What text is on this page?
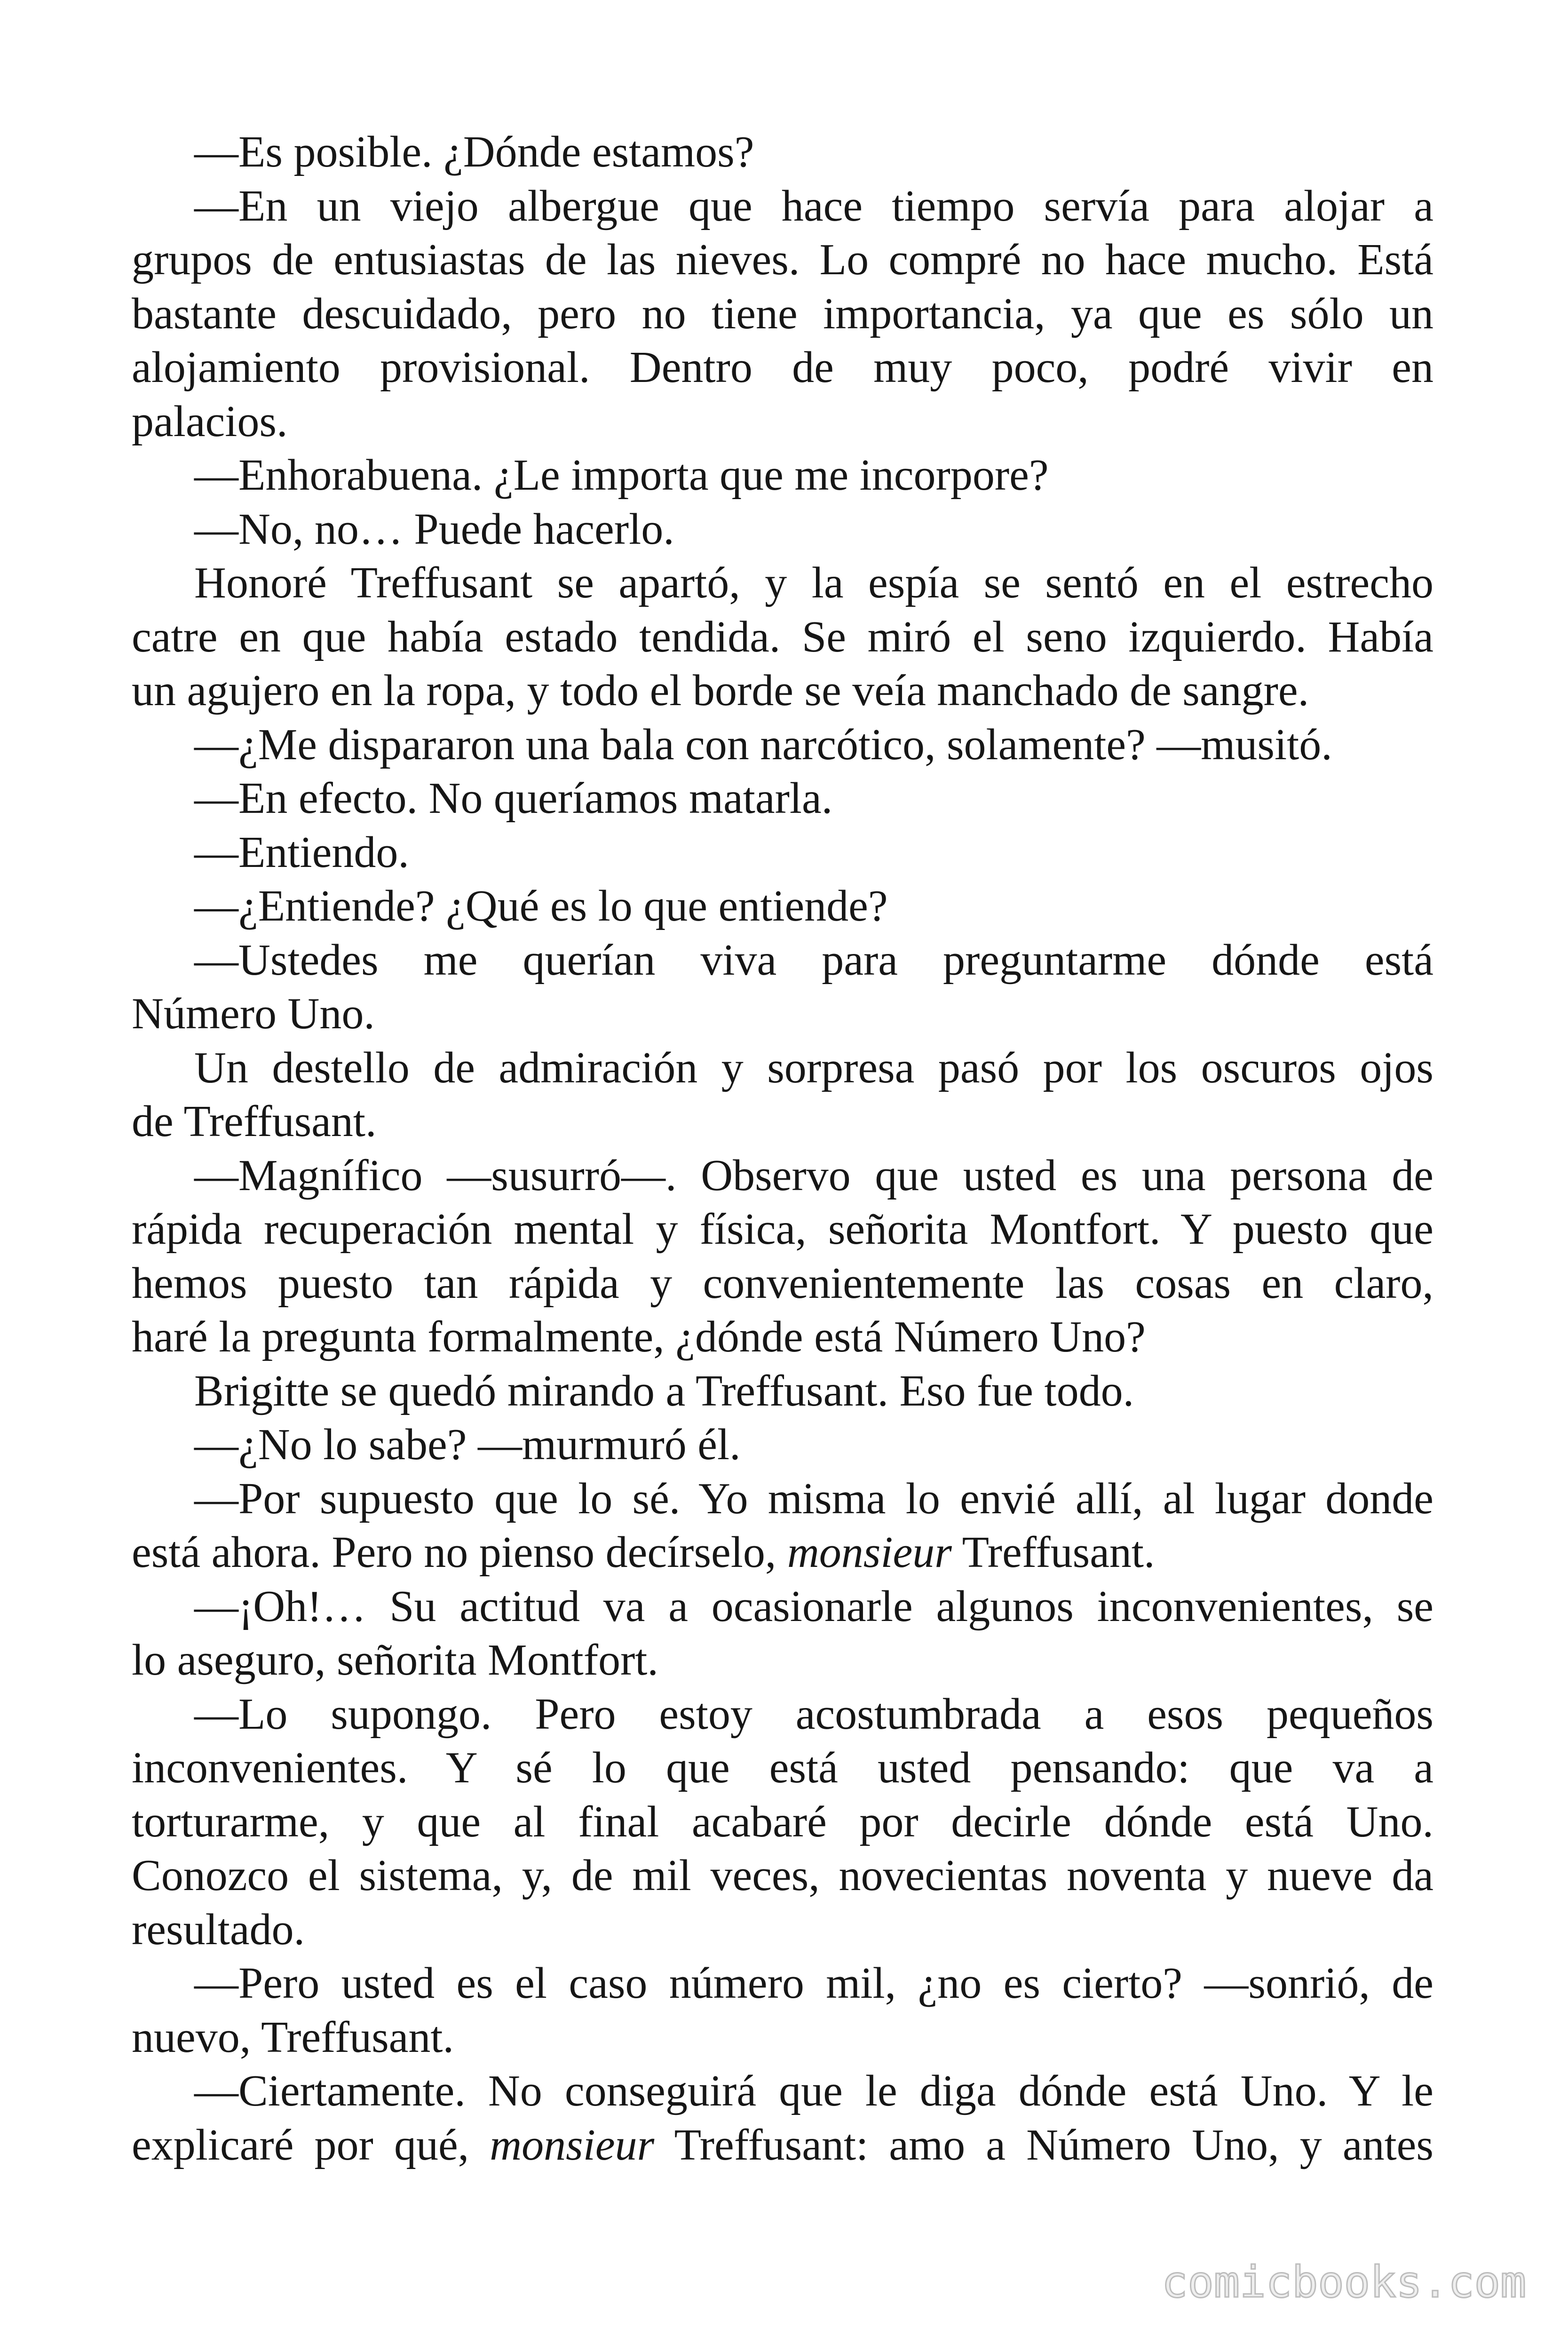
—Es posible. ¿Dónde estamos?
—En un viejo albergue que hace tiempo servía para alojar a
grupos de entusiastas de las nieves. Lo compré no hace mucho. Está
bastante descuidado, pero no tiene importancia, ya que es sólo un
alojamiento provisional. Dentro de muy poco, podré vivir en
palacios.
—Enhorabuena. ¿Le importa que me incorpore?
—No, no… Puede hacerlo.
Honoré Treffusant se apartó, y la espía se sentó en el estrecho
catre en que había estado tendida. Se miró el seno izquierdo. Había
un agujero en la ropa, y todo el borde se veía manchado de sangre.
—¿Me dispararon una bala con narcótico, solamente? —musitó.
—En efecto. No queríamos matarla.
—Entiendo.
—¿Entiende? ¿Qué es lo que entiende?
—Ustedes me querían viva para preguntarme dónde está
Número Uno.
Un destello de admiración y sorpresa pasó por los oscuros ojos
de Treffusant.
—Magnífico —susurró—. Observo que usted es una persona de
rápida recuperación mental y física, señorita Montfort. Y puesto que
hemos puesto tan rápida y convenientemente las cosas en claro,
haré la pregunta formalmente, ¿dónde está Número Uno?
Brigitte se quedó mirando a Treffusant. Eso fue todo.
—¿No lo sabe? —murmuró él.
—Por supuesto que lo sé. Yo misma lo envié allí, al lugar donde
está ahora. Pero no pienso decírselo, monsieur Treffusant.
—¡Oh!… Su actitud va a ocasionarle algunos inconvenientes, se
lo aseguro, señorita Montfort.
—Lo supongo. Pero estoy acostumbrada a esos pequeños
inconvenientes. Y sé lo que está usted pensando: que va a
torturarme, y que al final acabaré por decirle dónde está Uno.
Conozco el sistema, y, de mil veces, novecientas noventa y nueve da
resultado.
—Pero usted es el caso número mil, ¿no es cierto? —sonrió, de
nuevo, Treffusant.
—Ciertamente. No conseguirá que le diga dónde está Uno. Y le
explicaré por qué, monsieur Treffusant: amo a Número Uno, y antes
comicbooks.com
